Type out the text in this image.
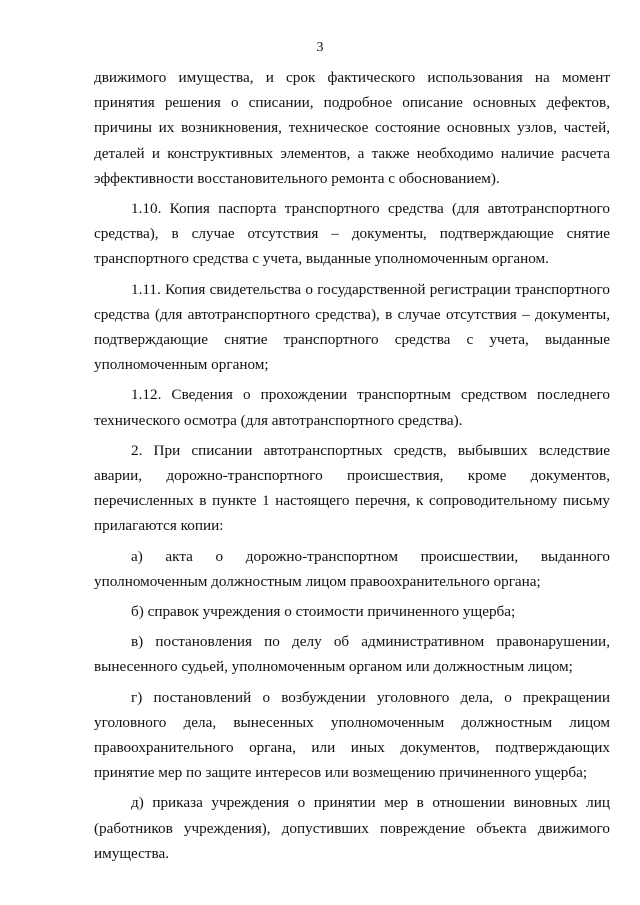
3

движимого имущества, и срок фактического использования на момент принятия решения о списании, подробное описание основных дефектов, причины их возникновения, техническое состояние основных узлов, частей, деталей и конструктивных элементов, а также необходимо наличие расчета эффективности восстановительного ремонта с обоснованием).

1.10. Копия паспорта транспортного средства (для автотранспортного средства), в случае отсутствия – документы, подтверждающие снятие транспортного средства с учета, выданные уполномоченным органом.

1.11. Копия свидетельства о государственной регистрации транспортного средства (для автотранспортного средства), в случае отсутствия – документы, подтверждающие снятие транспортного средства с учета, выданные уполномоченным органом;

1.12. Сведения о прохождении транспортным средством последнего технического осмотра (для автотранспортного средства).

2. При списании автотранспортных средств, выбывших вследствие аварии, дорожно-транспортного происшествия, кроме документов, перечисленных в пункте 1 настоящего перечня, к сопроводительному письму прилагаются копии:

а) акта о дорожно-транспортном происшествии, выданного уполномоченным должностным лицом правоохранительного органа;

б) справок учреждения о стоимости причиненного ущерба;

в) постановления по делу об административном правонарушении, вынесенного судьей, уполномоченным органом или должностным лицом;

г) постановлений о возбуждении уголовного дела, о прекращении уголовного дела, вынесенных уполномоченным должностным лицом правоохранительного органа, или иных документов, подтверждающих принятие мер по защите интересов или возмещению причиненного ущерба;

д) приказа учреждения о принятии мер в отношении виновных лиц (работников учреждения), допустивших повреждение объекта движимого имущества.
